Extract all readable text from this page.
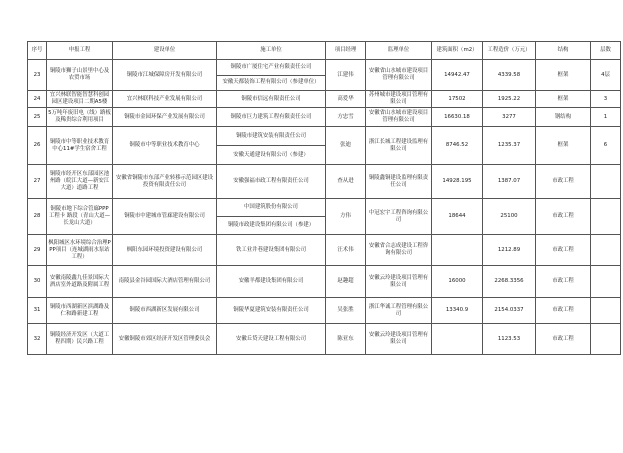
序号	申报工程	建设单位	施工单位	项目经理	监理单位	建筑面积（m2）	工程造价（万元）	结构	层数
23	铜陵市狮子山景里中心及农贸市场	铜陵市江城保障房开发有限公司	铜陵市广厦住宅产业有限责任公司	江建伟	安徽省山水城市建设项目管理有限公司	14942.47	4339.58	框架	4层
			安徽天都装饰工程有限公司（参建单位）						
24	宜兴林联智能智慧科创园园区建设项目二期A5楼	宜兴林联科技产业发展有限公司	铜陵市信远有限责任公司	高爱华	苏州城市建设项目管理有限公司	17502	1925.22	框架	3
25	5万吨年废旧电（线）路板及稀贵综合利用项目	铜陵市金园环保产业发展有限公司	铜陵市巨力建筑工程有限责任公司	方忠雪	安徽省山水城市建设项目管理有限公司	16630.18	3277	钢结构	1
26	铜陵市中等职业技术教育中心11#学生宿舍工程	铜陵市中等职业技术教育中心	铜陵市建筑安装有限责任公司	张迪	浙江长城工程建设监理有限公司	8746.52	1235.37	框架	6
			安徽天通建设有限公司（参建）						
27	铜陵市经开区东部园区池州路（皖江大道—新安江大道）道路工程	安徽省铜陵市东部产业转移示范园区建设投资有限责任公司	安徽强福市政工程有限责任公司	查从进	铜陵鑫铜建设监理有限责任公司	14928.195	1387.07	市政工程	
28	铜陵市地下综合管廊PPP工程卡 路段（青山大道—长龙山大道）	铜陵市中建城市管廊建设有限公司	中国建筑股份有限公司	方伟	中冠宏宇工程咨询有限公司	18644	25100	市政工程	
			铜陵市政建设集团有限公司（参建）						
29	枫阳城区水环境综合治理PPP项目（连城湖雨水泵站工程）	枫阳东园环境投资建设有限公司	铁工业井巷建设集团有限公司	汪术伟	安徽省合志成建设工程咨询有限公司		1212.89	市政工程	
30	安徽南陵鑫九佳景国际大酒店室外道路及附属工程	南陵县金谷园国际大酒店管理有限公司	安徽羊都建设集团有限公司	赵趣超	安徽云玲建设项目管理有限公司	16000	2268.3356	市政工程	
31	铜陵市西湖新区滨湖路及仁和路新建工程	铜陵市西湖新区发展有限公司	铜陵华夏建筑安装有限责任公司	吴张胜	浙江华诚工程管理有限公司	13340.9	2154.0337	市政工程	
32	铜陵经济开发区（大道工程四期）民兴路工程	安徽铜陵市郊区经济开发区管理委员会	安徽丘贷天建设工程有限公司	陈亚东	安徽云玲建设项目管理有限公司		1123.53	市政工程	
